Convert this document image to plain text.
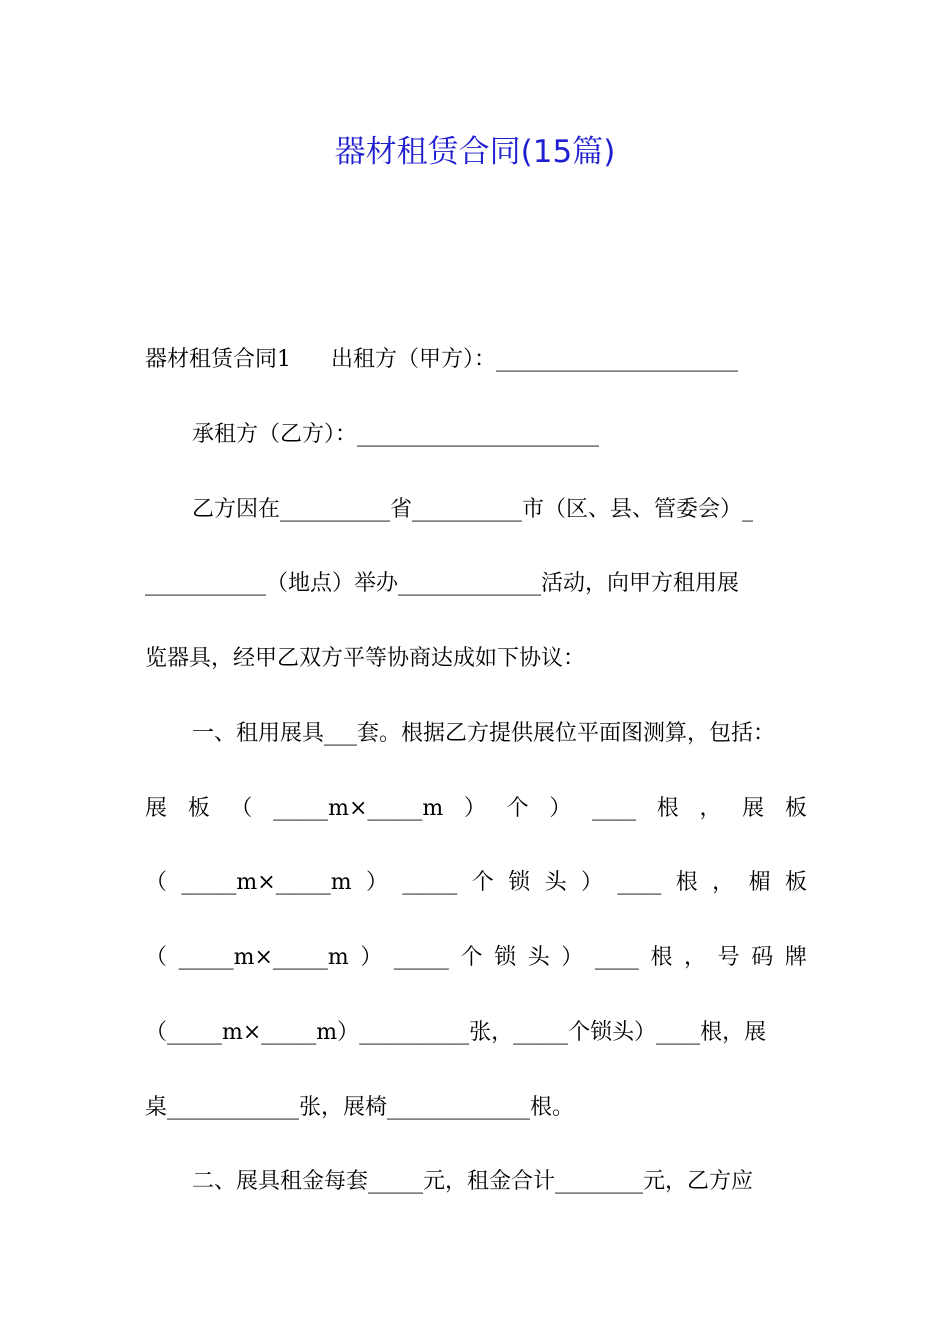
器材租赁合同(15篇)
器材租赁合同1 出租方（甲方）：______________________
承租方（乙方）：______________________
乙方因在__________省__________市（区、县、管委会）_
___________（地点）举办_____________活动，向甲方租用展
览器具，经甲乙双方平等协商达成如下协议：
一、租用展具___套。根据乙方提供展位平面图测算，包括：
展 板 （ _____m×_____m ） 个 ） ____ 根 ， 展 板
（ _____m×_____m ） _____ 个 锁 头 ） ____ 根 ， 楣 板
（ _____m×_____m ） _____ 个 锁 头 ） ____ 根 ， 号 码 牌
（_____m×_____m）__________张，_____个锁头）____根，展
桌____________张，展椅_____________根。
二、展具租金每套_____元，租金合计________元，乙方应
